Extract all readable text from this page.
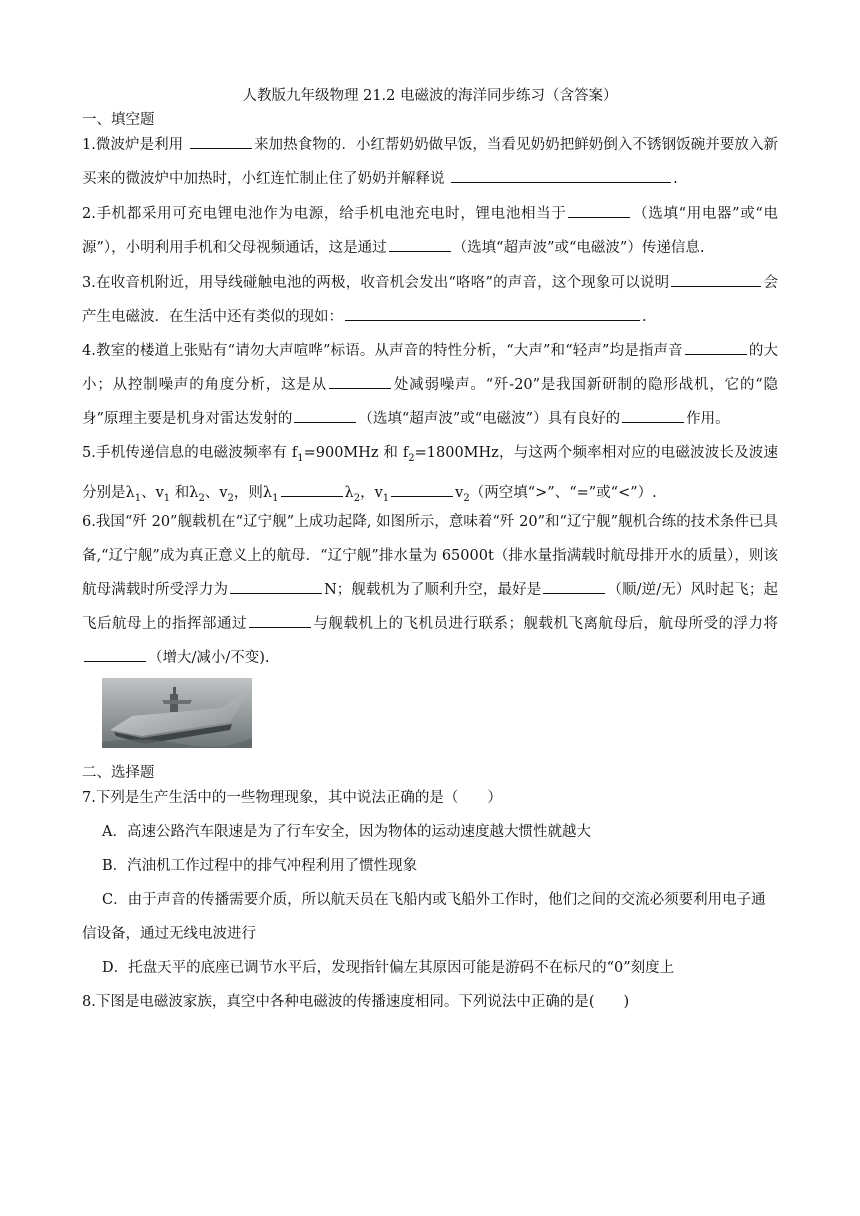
人教版九年级物理 21.2 电磁波的海洋同步练习（含答案）
一、填空题
1.微波炉是利用	来加热食物的．小红帮奶奶做早饭，当看见奶奶把鲜奶倒入不锈钢饭碗并要放入新买来的微波炉中加热时，小红连忙制止住了奶奶并解释说	.
2.手机都采用可充电锂电池作为电源，给手机电池充电时，锂电池相当于	（选填“用电器”或“电源”），小明利用手机和父母视频通话，这是通过	（选填“超声波”或“电磁波”）传递信息.
3.在收音机附近，用导线碰触电池的两极，收音机会发出“咯咯”的声音，这个现象可以说明	会产生电磁波．在生活中还有类似的现如：	.
4.教室的楼道上张贴有“请勿大声喧哗”标语。从声音的特性分析，“大声”和“轻声”均是指声音	的大小；从控制噪声的角度分析，这是从	处减弱噪声。“歼-20”是我国新研制的隐形战机，它的“隐身”原理主要是机身对雷达发射的	（选填“超声波”或“电磁波”）具有良好的	作用。
5.手机传递信息的电磁波频率有 $f_1=900MHz$ 和 $f_2=1800MHz$，与这两个频率相对应的电磁波波长及波速分别是$\lambda_1$、$v_1$ 和$\lambda_2$、$v_2$，则$\lambda_1$	$\lambda_2$，$v_1$	$v_2$（两空填“>”、“=”或“<”）.
6.我国“歼 20”舰载机在“辽宁舰”上成功起降, 如图所示，意味着“歼 20”和“辽宁舰”舰机合练的技术条件已具备,“辽宁舰”成为真正意义上的航母．“辽宁舰”排水量为 65000t（排水量指满载时航母排开水的质量），则该航母满载时所受浮力为	N；舰载机为了顺利升空，最好是	（顺/逆/无）风时起飞；起飞后航母上的指挥部通过	与舰载机上的飞机员进行联系；舰载机飞离航母后，航母所受的浮力将（增大/减小/不变).
二、选择题
7.下列是生产生活中的一些物理现象，其中说法正确的是（　　）
A．高速公路汽车限速是为了行车安全，因为物体的运动速度越大惯性就越大
B．汽油机工作过程中的排气冲程利用了惯性现象
C．由于声音的传播需要介质，所以航天员在飞船内或飞船外工作时，他们之间的交流必须要利用电子通信设备，通过无线电波进行
D．托盘天平的底座已调节水平后，发现指针偏左其原因可能是游码不在标尺的“0”刻度上
8.下图是电磁波家族，真空中各种电磁波的传播速度相同。下列说法中正确的是(　　)
